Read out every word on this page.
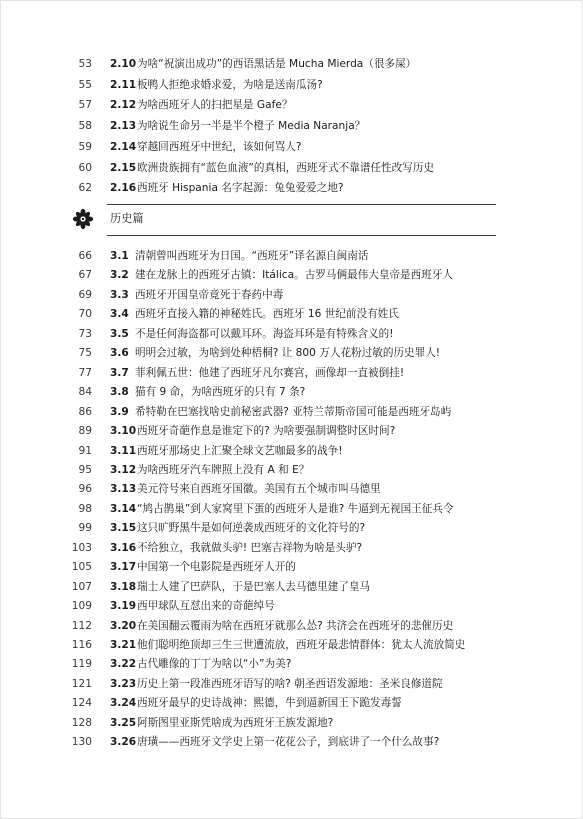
53 2.10 为啥“祝演出成功”的西语黑话是 Mucha Mierda（很多屎）
55 2.11 板鸭人拒绝求婚求爱，为啥是送南瓜汤?
57 2.12 为啥西班牙人的扫把星是 Gafe？
58 2.13 为啥说生命另一半是半个橙子 Media Naranja？
59 2.14 穿越回西班牙中世纪，该如何骂人?
60 2.15 欧洲贵族拥有“蓝色血液”的真相，西班牙式不靠谱任性改写历史
62 2.16 西班牙 Hispania 名字起源：兔兔爱爱之地?
历史篇
66 3.1 清朝曾叫西班牙为日国。“西班牙”译名源自闽南话
67 3.2 建在龙脉上的西班牙古镇：Itálica。古罗马俩最伟大皇帝是西班牙人
69 3.3 西班牙开国皇帝竟死于春药中毒
70 3.4 西班牙直接入籍的神秘姓氏。西班牙 16 世纪前没有姓氏
73 3.5 不是任何海盗都可以戴耳环。海盗耳环是有特殊含义的!
75 3.6 明明会过敏，为啥到处种梧桐? 让 800 万人花粉过敏的历史罪人!
77 3.7 菲利佩五世：他建了西班牙凡尔赛宫，画像却一直被倒挂!
84 3.8 猫有 9 命，为啥西班牙的只有 7 条?
86 3.9 希特勒在巴塞找啥史前秘密武器? 亚特兰蒂斯帝国可能是西班牙岛屿
89 3.10 西班牙奇葩作息是谁定下的? 为啥要强制调整时区时间?
91 3.11 西班牙那场史上汇聚全球文艺咖最多的战争!
95 3.12 为啥西班牙汽车牌照上没有 A 和 E？
96 3.13 美元符号来自西班牙国徽。美国有五个城市叫马德里
98 3.14 “鸠占鹊巢”到人家窝里下蛋的西班牙人是谁? 牛逼到无视国王征兵令
99 3.15 这只旷野黑牛是如何逆袭成西班牙的文化符号的?
103 3.16 不给独立，我就做头驴! 巴塞吉祥物为啥是头驴?
105 3.17 中国第一个电影院是西班牙人开的
107 3.18 瑞士人建了巴萨队，于是巴塞人去马德里建了皇马
109 3.19 西甲球队互怼出来的奇葩绰号
112 3.20 在美国翻云覆雨为啥在西班牙就那么怂? 共济会在西班牙的悲催历史
116 3.21 他们聪明绝顶却三生三世遭流放，西班牙最悲情群体：犹太人流放简史
119 3.22 古代雕像的丁丁为啥以“小”为美?
121 3.23 历史上第一段准西班牙语写的啥? 朝圣西语发源地：圣米良修道院
124 3.24 西班牙最早的史诗战神：熙德，牛到逼新国王下跪发毒誓
128 3.25 阿斯图里亚斯凭啥成为西班牙王族发源地?
130 3.26 唐璜——西班牙文学史上第一花花公子，到底讲了一个什么故事?
